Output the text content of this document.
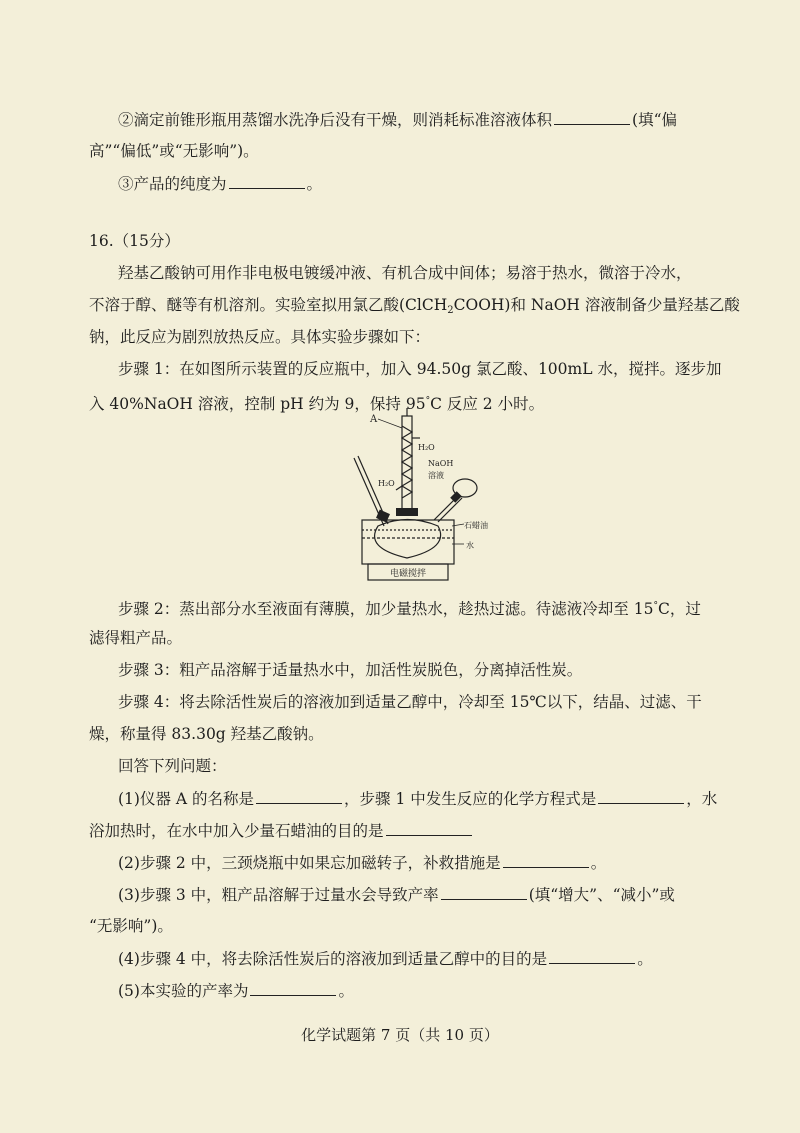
②滴定前锥形瓶用蒸馏水洗净后没有干燥，则消耗标准溶液体积	(填“偏
高”“偏低”或“无影响”)。
③产品的纯度为	。
16.（15分）
羟基乙酸钠可用作非电极电镀缓冲液、有机合成中间体；易溶于热水，微溶于冷水，
不溶于醇、醚等有机溶剂。实验室拟用氯乙酸(ClCH$_2$COOH)和 NaOH 溶液制备少量羟基乙酸
钠，此反应为剧烈放热反应。具体实验步骤如下：
步骤 1：在如图所示装置的反应瓶中，加入 94.50g 氯乙酸、100mL 水，搅拌。逐步加
入 40%NaOH 溶液，控制 pH 约为 9，保持 95°C 反应 2 小时。
A
H₂O
H₂O
NaOH
溶液
石蜡油
水
电磁搅拌
步骤 2：蒸出部分水至液面有薄膜，加少量热水，趁热过滤。待滤液冷却至 15°C，过
滤得粗产品。
步骤 3：粗产品溶解于适量热水中，加活性炭脱色，分离掉活性炭。
步骤 4：将去除活性炭后的溶液加到适量乙醇中，冷却至 15℃以下，结晶、过滤、干
燥，称量得 83.30g 羟基乙酸钠。
回答下列问题：
(1)仪器 A 的名称是	，步骤 1 中发生反应的化学方程式是	，水
浴加热时，在水中加入少量石蜡油的目的是
(2)步骤 2 中，三颈烧瓶中如果忘加磁转子，补救措施是	。
(3)步骤 3 中，粗产品溶解于过量水会导致产率	(填“增大”、“减小”或
“无影响”)。
(4)步骤 4 中，将去除活性炭后的溶液加到适量乙醇中的目的是	。
(5)本实验的产率为	。
化学试题第 7 页（共 10 页）
